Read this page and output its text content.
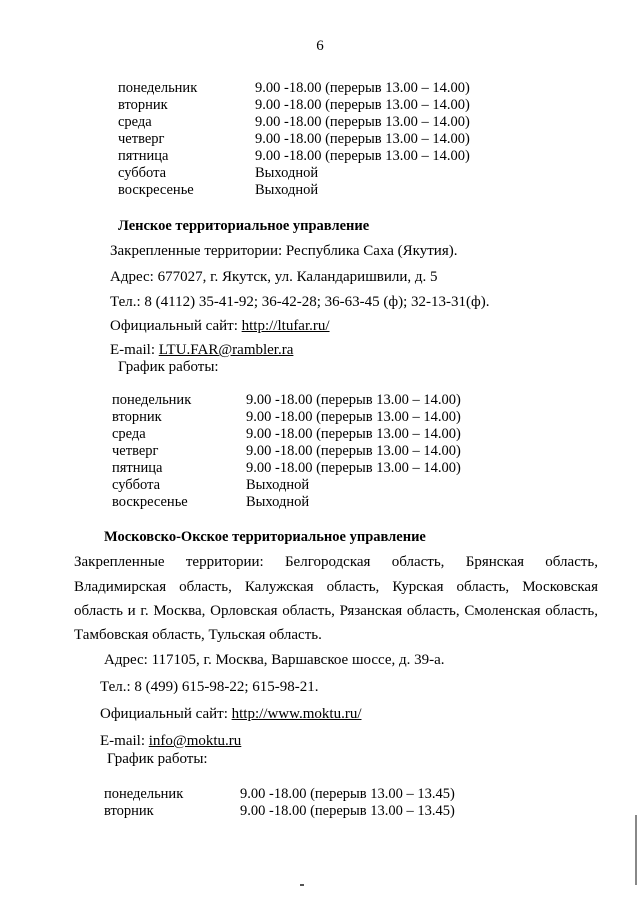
6
понедельник	9.00 -18.00 (перерыв 13.00 – 14.00)
вторник	9.00 -18.00 (перерыв 13.00 – 14.00)
среда	9.00 -18.00 (перерыв 13.00 – 14.00)
четверг	9.00 -18.00 (перерыв 13.00 – 14.00)
пятница	9.00 -18.00 (перерыв 13.00 – 14.00)
суббота	Выходной
воскресенье	Выходной
Ленское территориальное управление
Закрепленные территории: Республика Саха (Якутия).
Адрес: 677027, г. Якутск, ул. Каландаришвили, д. 5
Тел.: 8 (4112) 35-41-92; 36-42-28; 36-63-45 (ф); 32-13-31(ф).
Официальный сайт: http://ltufar.ru/
E-mail: LTU.FAR@rambler.ra
График работы:
понедельник	9.00 -18.00 (перерыв 13.00 – 14.00)
вторник	9.00 -18.00 (перерыв 13.00 – 14.00)
среда	9.00 -18.00 (перерыв 13.00 – 14.00)
четверг	9.00 -18.00 (перерыв 13.00 – 14.00)
пятница	9.00 -18.00 (перерыв 13.00 – 14.00)
суббота	Выходной
воскресенье	Выходной
Московско-Окское территориальное управление
Закрепленные территории: Белгородская область, Брянская область,
Владимирская область, Калужская область, Курская область, Московская
область и г. Москва, Орловская область, Рязанская область, Смоленская область,
Тамбовская область, Тульская область.
Адрес: 117105, г. Москва, Варшавское шоссе, д. 39-а.
Тел.: 8 (499) 615-98-22; 615-98-21.
Официальный сайт: http://www.moktu.ru/
E-mail: info@moktu.ru
График работы:
понедельник	9.00 -18.00 (перерыв 13.00 – 13.45)
вторник	9.00 -18.00 (перерыв 13.00 – 13.45)
